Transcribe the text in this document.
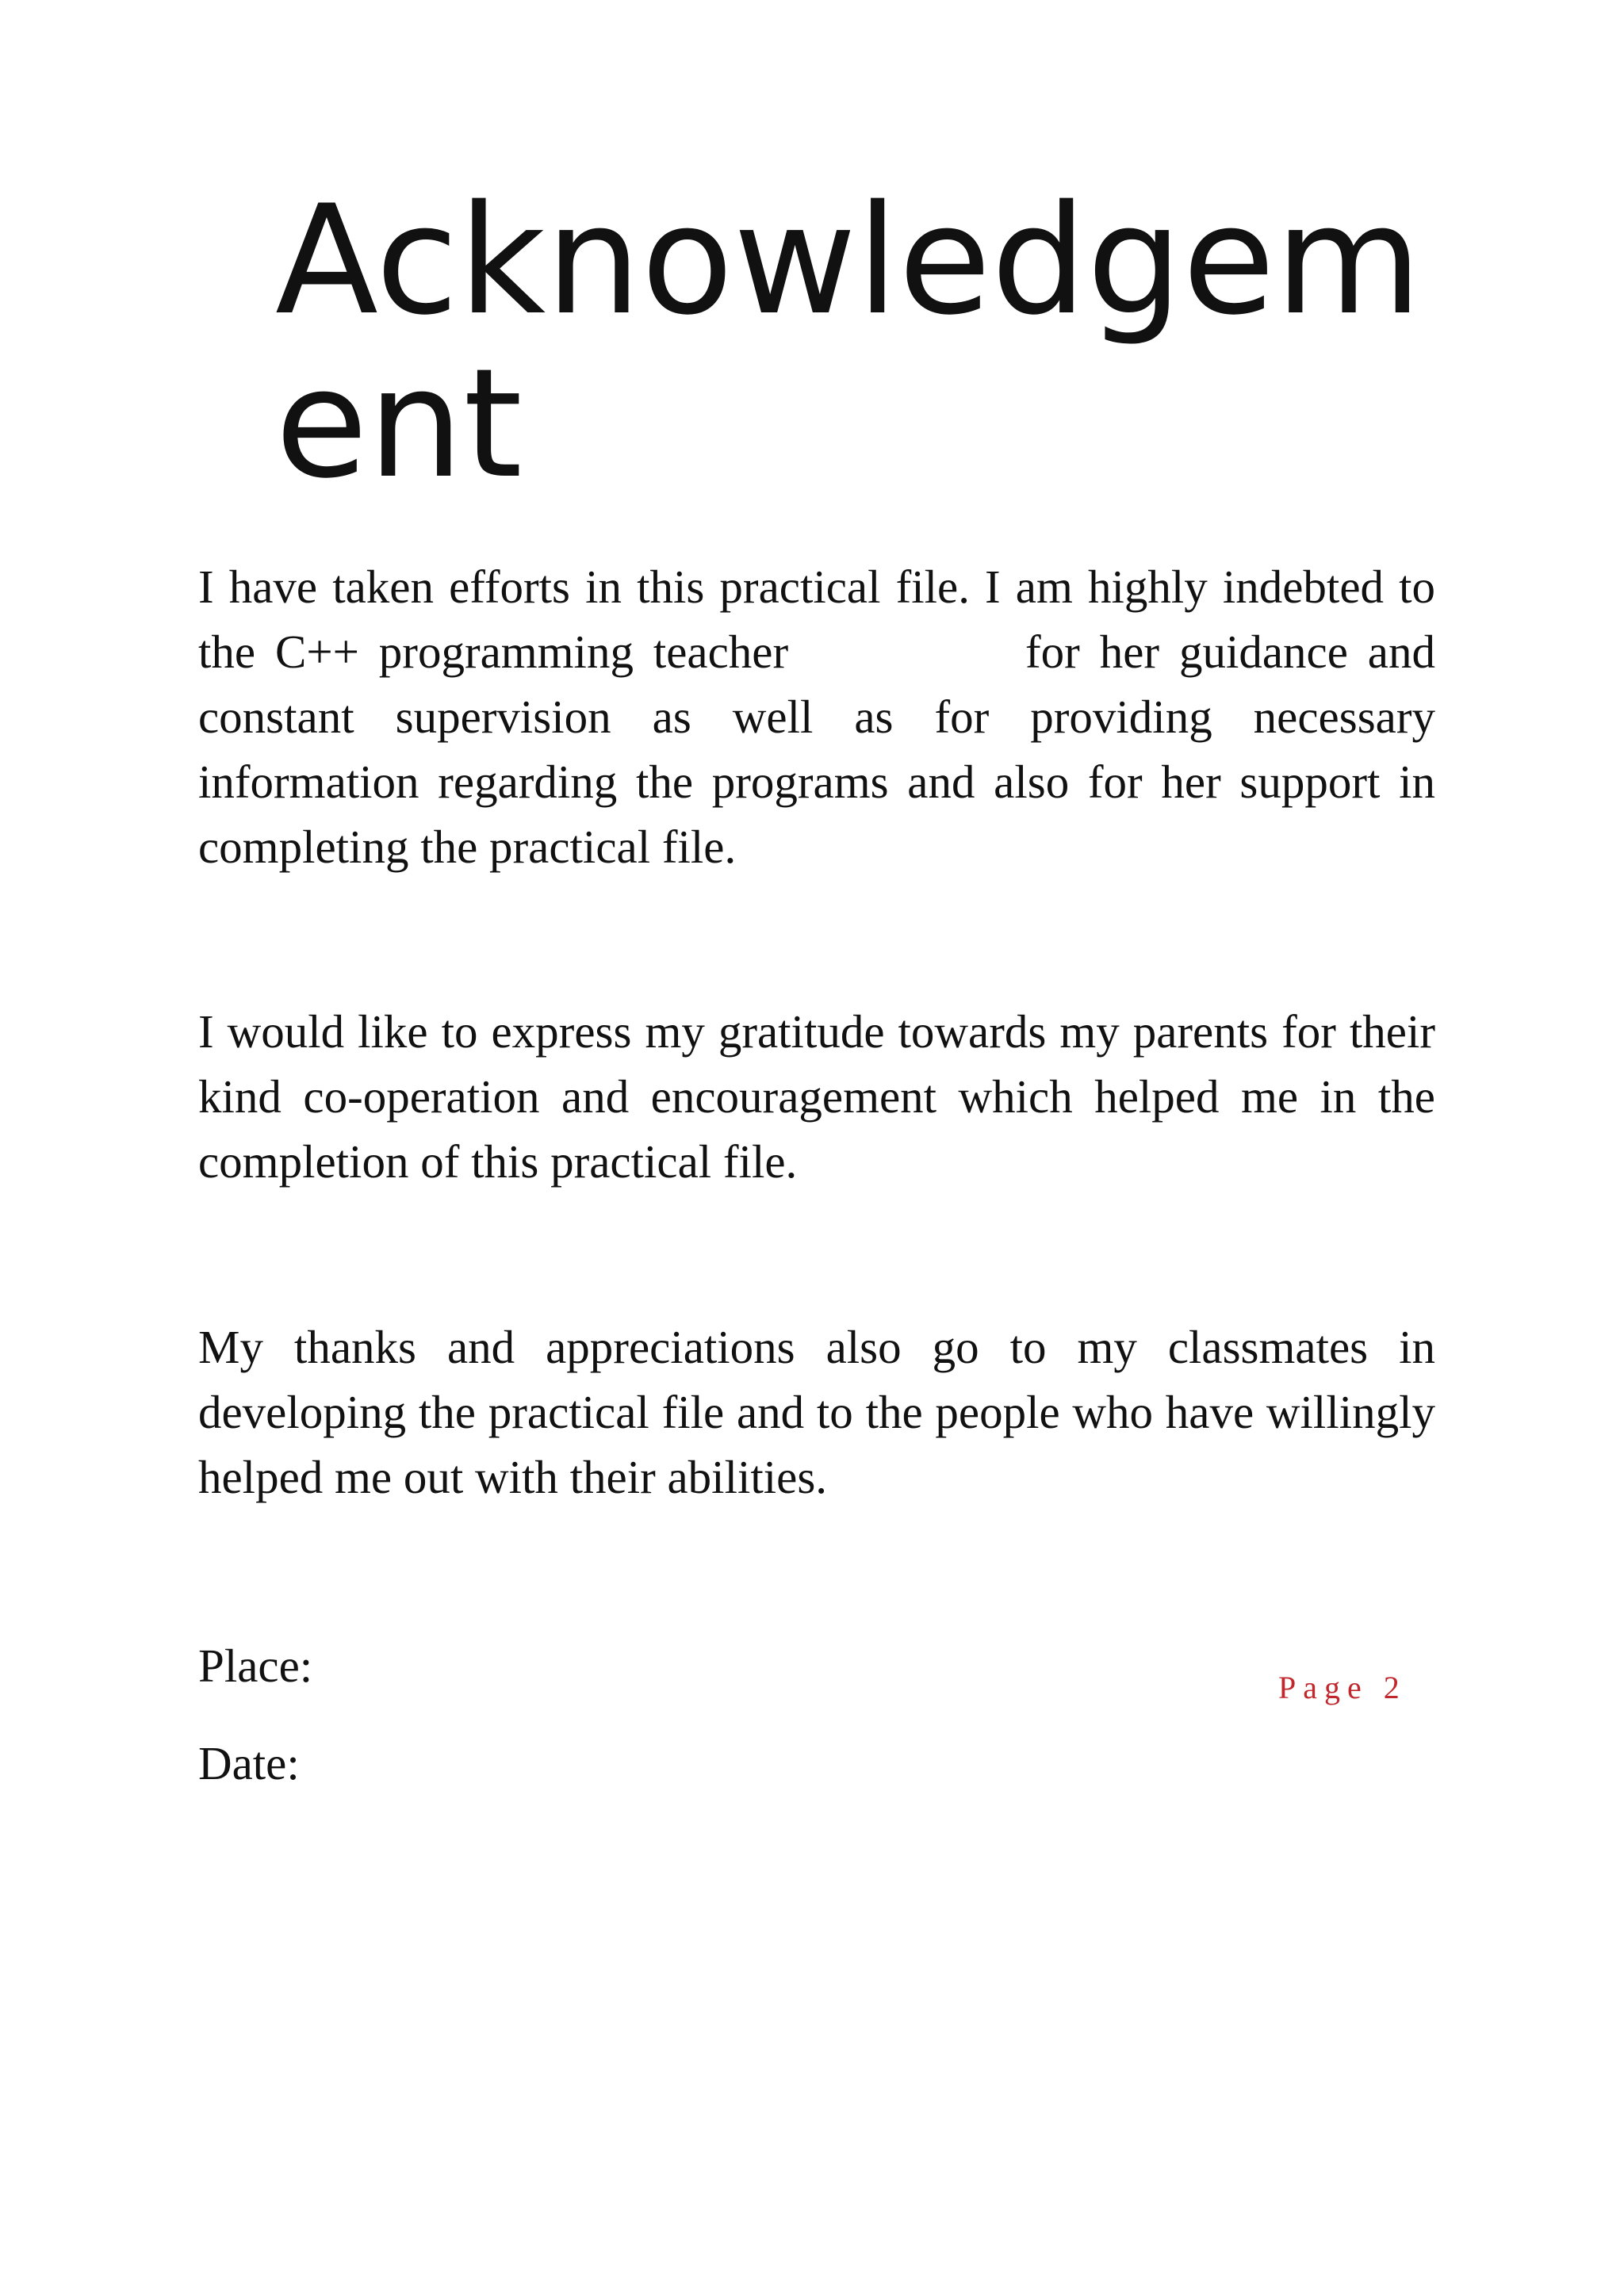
Acknowledgement

I have taken efforts in this practical file. I am highly indebted to the C++ programming teacher            for her guidance and constant supervision as well as for providing necessary information regarding the programs and also for her support in completing the practical file.

I would like to express my gratitude towards my parents for their kind co-operation and encouragement which helped me in the completion of this practical file.

My thanks and appreciations also go to my classmates in developing the practical file and to the people who have willingly helped me out with their abilities.

Place:	Page 2

Date:
